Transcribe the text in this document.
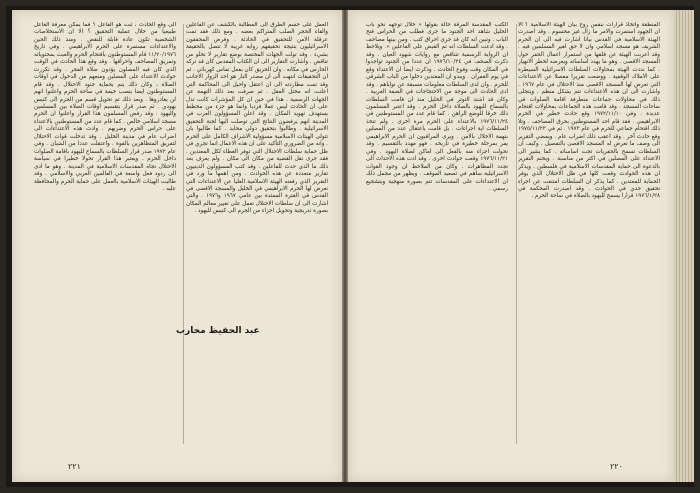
العمل على حسم الطرق الى المطالبة بالكشف عن الفاعلين والقاء الحجر الصلب المتراكم بعضه . ومع ذلك فقد تمت عرقلة الامن للتحقيق في الحادثة . وفرض المحققون الاسرائيليون بنتيجة تحقيقهم رواية غريبة لا تتصل بالحقيقة بشيء . وقد تولت الجهات المختصة بوضع تقارير لا تخلو من تناقض . واشارت التقارير الى ان الكتاب المقدس كان قد تركه الحارس في مكانه . وان الحريق كان بفعل تماس كهربائي . ثم ان التحقيقات انتهت الى ان مصدر النار هو احد الزوار الاجانب وقد تمت مطاردته الى ان اعتقل واحيل الى المحاكمة التي اعلنت انه مختل العقل . ثم صرفت بعد ذلك التهمة عن الجهات الرسمية . هذا في حين ان كل المؤشرات كانت تدل على ان الحادث ليس عملا فرديا وانما هو جزء من مخطط يستهدف تهويد المكان . وقد اعلن المسؤولون العرب في المدينة انهم يرفضون النتائج التي توصلت اليها لجنة التحقيق الاسرائيلية . وطالبوا بتحقيق دولي محايد . كما طالبوا بان تتولى الهيئات الاسلامية مسؤولية الاشراف الكامل على الحرم . وانه من الضروري التأكيد على ان هذه الاعمال انما تجري في ظل حماية سلطات الاحتلال التي توفر الغطاء لكل المعتدين . فقد جرى نقل القضية من مكان الى مكان . ولم يعرف بعد ذلك ما الذي حدث للفاعلين . وقد كتب المسؤولون الدينيون تقارير متعددة عن هذه الحوادث . ومن اهمها ما ورد في التقرير الذي رفعته الهيئة الاسلامية العليا عن الاعتداءات التي تعرض لها الحرم الابراهيمي في الخليل والمسجد الاقصى في القدس في الفترة الممتدة بين عامي ١٩٦٧ و١٩٧٦ . والتي اشارت الى ان سلطات الاحتلال تعمل على تغيير معالم المكان بصورة تدريجية وتحويل اجزاء من الحرم الى كنيس لليهود .

الى وقع الحادث ، ثبت هو الفاعل ؟ فما يمكن معرفة الفاعل طبيعيا من خلال عملية التحقيق ؟ الا ان الاستخلاصات الشخصية تكون عادة قابلة للنقض . ومنذ ذلك الحين والاعتداءات مستمرة على الحرم الابراهيمي . وفي تاريخ ١١/٢٠/١٩٧٦ قام المستوطنون باقتحام الحرم والعبث بمحتوياته وتمزيق المصاحف واحراقها . وقد وقع هذا الحادث في الوقت الذي كان فيه المصلون يؤدون صلاة الفجر . وقد تكررت حوادث الاعتداء على المصلين ومنعهم من الدخول في اوقات الصلاة ، وكان ذلك يتم بحماية جنود الاحتلال . وقد قام المستوطنون ايضا بنصب خيمة في ساحة الحرم واعلنوا انهم لن يغادروها . وبعد ذلك تم تحويل قسم من الحرم الى كنيس يهودي . ثم صدر قرار بتقسيم اوقات الصلاة بين المسلمين واليهود . وقد رفض المسلمون هذا القرار واعلنوا ان الحرم مسجد اسلامي خالص . كما قام عدد من المستوطنين بالاعتداء على حراس الحرم وضربهم . وادت هذه الاعتداءات الى اضراب عام في مدينة الخليل . وقد تدخلت قوات الاحتلال لتفريق المتظاهرين بالقوة . واعتقلت عددا من الشبان . وفي عام ١٩٧٢ صدر قرار السلطات بالسماح لليهود باقامة الصلوات داخل الحرم . ويعتبر هذا القرار تحولا خطيرا في سياسة الاحتلال تجاه المقدسات الاسلامية في المدينة . وهو ما ادى الى ردود فعل واسعة في العالمين العربي والاسلامي . وقد طالبت الهيئات الاسلامية بالعمل على حماية الحرم والمحافظة عليه .

عبد الحفيظ محارب
٢٢١

المنطقة واتخاذ قرارات بنفس روح بيان الهيئة الاسلامية ؟ الا ان الجهود استمرت والامر ما زال غير محسوم . وقد اصدرت الهيئة الاسلامية في القدس بيانا اشارت فيه الى ان الحرم الشريف هو مسجد اسلامي وان لا حق لغير المسلمين فيه . وقد اعربت الهيئة عن قلقها من استمرار اعمال الحفر حول المسجد الاقصى . وهو ما يهدد اساساته ويعرضه لخطر الانهيار . كما نددت الهيئة بمحاولات السلطات الاسرائيلية السيطرة على الاملاك الوقفية . ووضعت تقريرا مفصلا عن الاعتداءات التي تعرض لها المسجد الاقصى منذ الاحتلال في عام ١٩٦٧ . واشارت الى ان هذه الاعتداءات تتم بشكل منظم . ويتجلى ذلك في محاولات جماعات متطرفة اقامة الصلوات في ساحات المسجد . وقد قامت هذه الجماعات بمحاولات اقتحام عديدة . وفي ١٩٧٢/١١/١٠ وقع حادث خطير في الحرم الابراهيمي . فقد قام احد المستوطنين بحرق المصاحف . وتلا ذلك اقتحام جماعي للحرم في عام ١٩٧٣ . ثم في ١٩٧٥/١١/٢٣ وقع حادث آخر . وقد اعقب ذلك اضراب عام . ويمضي التقرير الى وصف ما تعرض له المسجد الاقصى بالتفصيل . وكيف ان السلطات تسمح بالحفريات تحت اساساته . كما يشير الى الاعتداء على المصلين في اكثر من مناسبة . ويختم التقرير بالدعوة الى حماية المقدسات الاسلامية في فلسطين . ويذكر ان هذه الحوادث وقعت كلها في ظل الاحتلال الذي يوفر الحماية للمعتدين . كما يذكر ان السلطات امتنعت عن اجراء تحقيق جدي في الحوادث . وقد اصدرت المحكمة في ١٩٧٦/١/٢٨ قرارا يسمح لليهود بالصلاة في ساحة الحرم .

الكتب المقدسة المرقة حالة بقولها « خلال توجهه نحو باب الخليل شاهد احد الجنود ما جرى فطلب من الحراس فتح الباب . وتبين انه كان قد جرى احراق كتب . ومن بينها مصاحف . وقد ادعت السلطات انه تم القبض على الفاعلين ». ويلاحظ ان الرواية الرسمية تتناقض مع روايات شهود العيان . وقد ذكرت الصحف في ١٩٧٦/١٠/٢٤ ان عددا من الجنود تواجدوا في المكان وقت وقوع الحادث . وذكرت ايضا ان الاعتداء وقع في يوم الغفران . ويبدو ان المعتدين دخلوا من الباب الشرقي للحرم . وان لدى السلطات معلومات مسبقة عن نواياهم . وقد ادى الحادث الى موجة من الاحتجاجات في الضفة الغربية . وكان قد اشتد التوتر في الخليل منذ ان قامت السلطات بالسماح لليهود بالصلاة داخل الحرم . وقد اعتبر المسلمون ذلك خرقا للوضع الراهن . كما قام عدد من المستوطنين في ١٩٧٦/١١/٢٤ بالاعتداء على الحرم مرة اخرى . ولم تتخذ السلطات اية اجراءات . بل قامت باعتقال عدد من المصلين بتهمة الاخلال بالامن . ويرى المراقبون ان الحرم الابراهيمي يمر بمرحلة خطيرة في تاريخه . فهو مهدد بالتقسيم . وقد تحولت اجزاء منه بالفعل الى اماكن لصلاة اليهود . وفي ١٩٧٦/١١/٢١ وقعت حوادث اخرى . وقد ادت هذه الاحداث الى تجدد المظاهرات . وكان من الملاحظ ان وجود القوات الاسرائيلية ساهم في تصعيد الموقف . ويظهر من مجمل ذلك ان الاعتداءات على المقدسات تتم بصورة منهجية وبتشجيع رسمي .

٢٢٠
